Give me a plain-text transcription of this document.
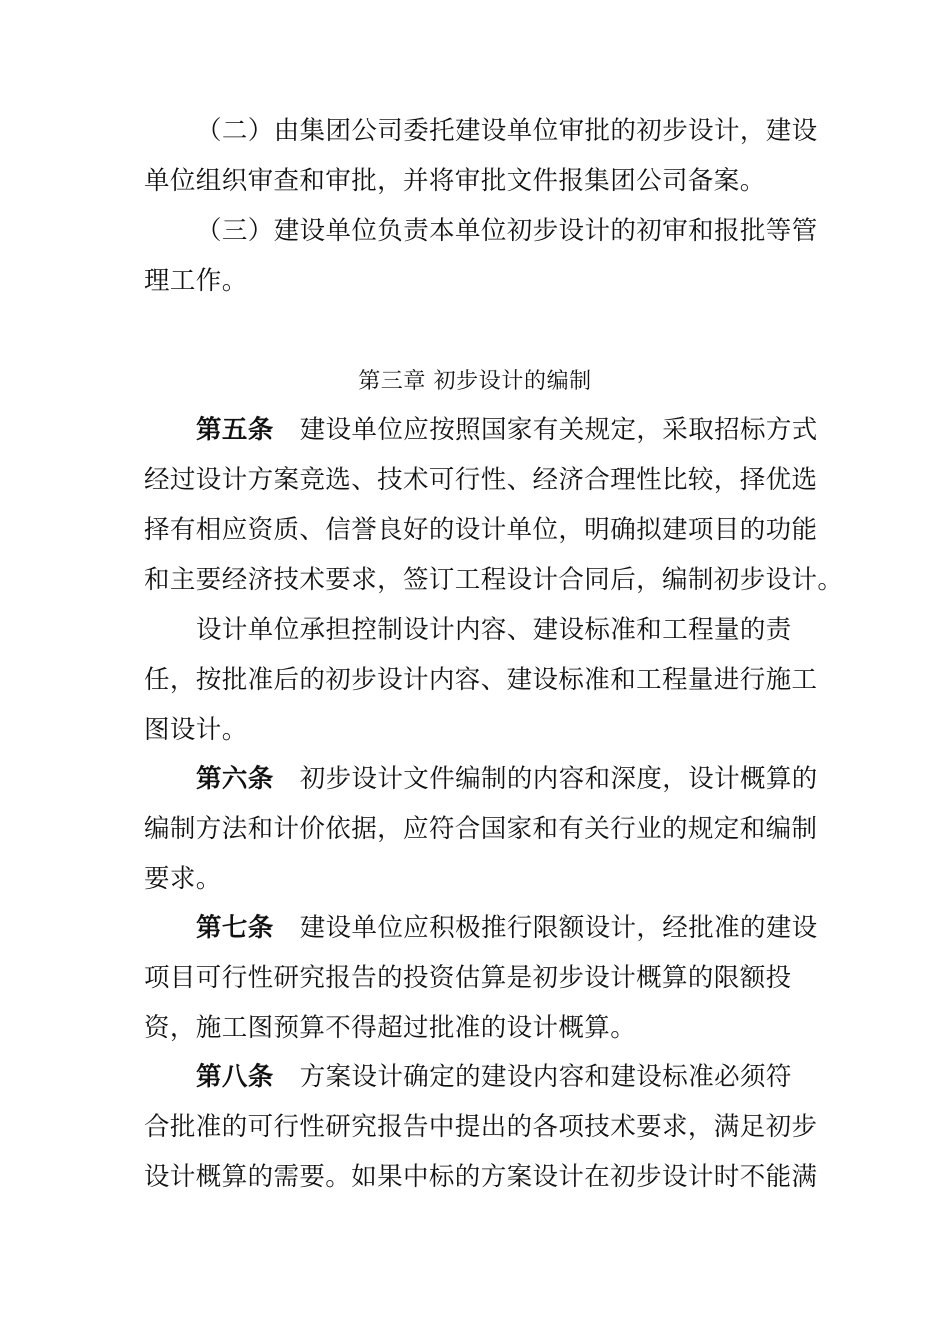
（二）由集团公司委托建设单位审批的初步设计，建设
单位组织审查和审批，并将审批文件报集团公司备案。
（三）建设单位负责本单位初步设计的初审和报批等管
理工作。
第三章 初步设计的编制
第五条 建设单位应按照国家有关规定，采取招标方式
经过设计方案竞选、技术可行性、经济合理性比较，择优选
择有相应资质、信誉良好的设计单位，明确拟建项目的功能
和主要经济技术要求，签订工程设计合同后，编制初步设计。
设计单位承担控制设计内容、建设标准和工程量的责
任，按批准后的初步设计内容、建设标准和工程量进行施工
图设计。
第六条 初步设计文件编制的内容和深度，设计概算的
编制方法和计价依据，应符合国家和有关行业的规定和编制
要求。
第七条 建设单位应积极推行限额设计，经批准的建设
项目可行性研究报告的投资估算是初步设计概算的限额投
资，施工图预算不得超过批准的设计概算。
第八条 方案设计确定的建设内容和建设标准必须符
合批准的可行性研究报告中提出的各项技术要求，满足初步
设计概算的需要。如果中标的方案设计在初步设计时不能满
